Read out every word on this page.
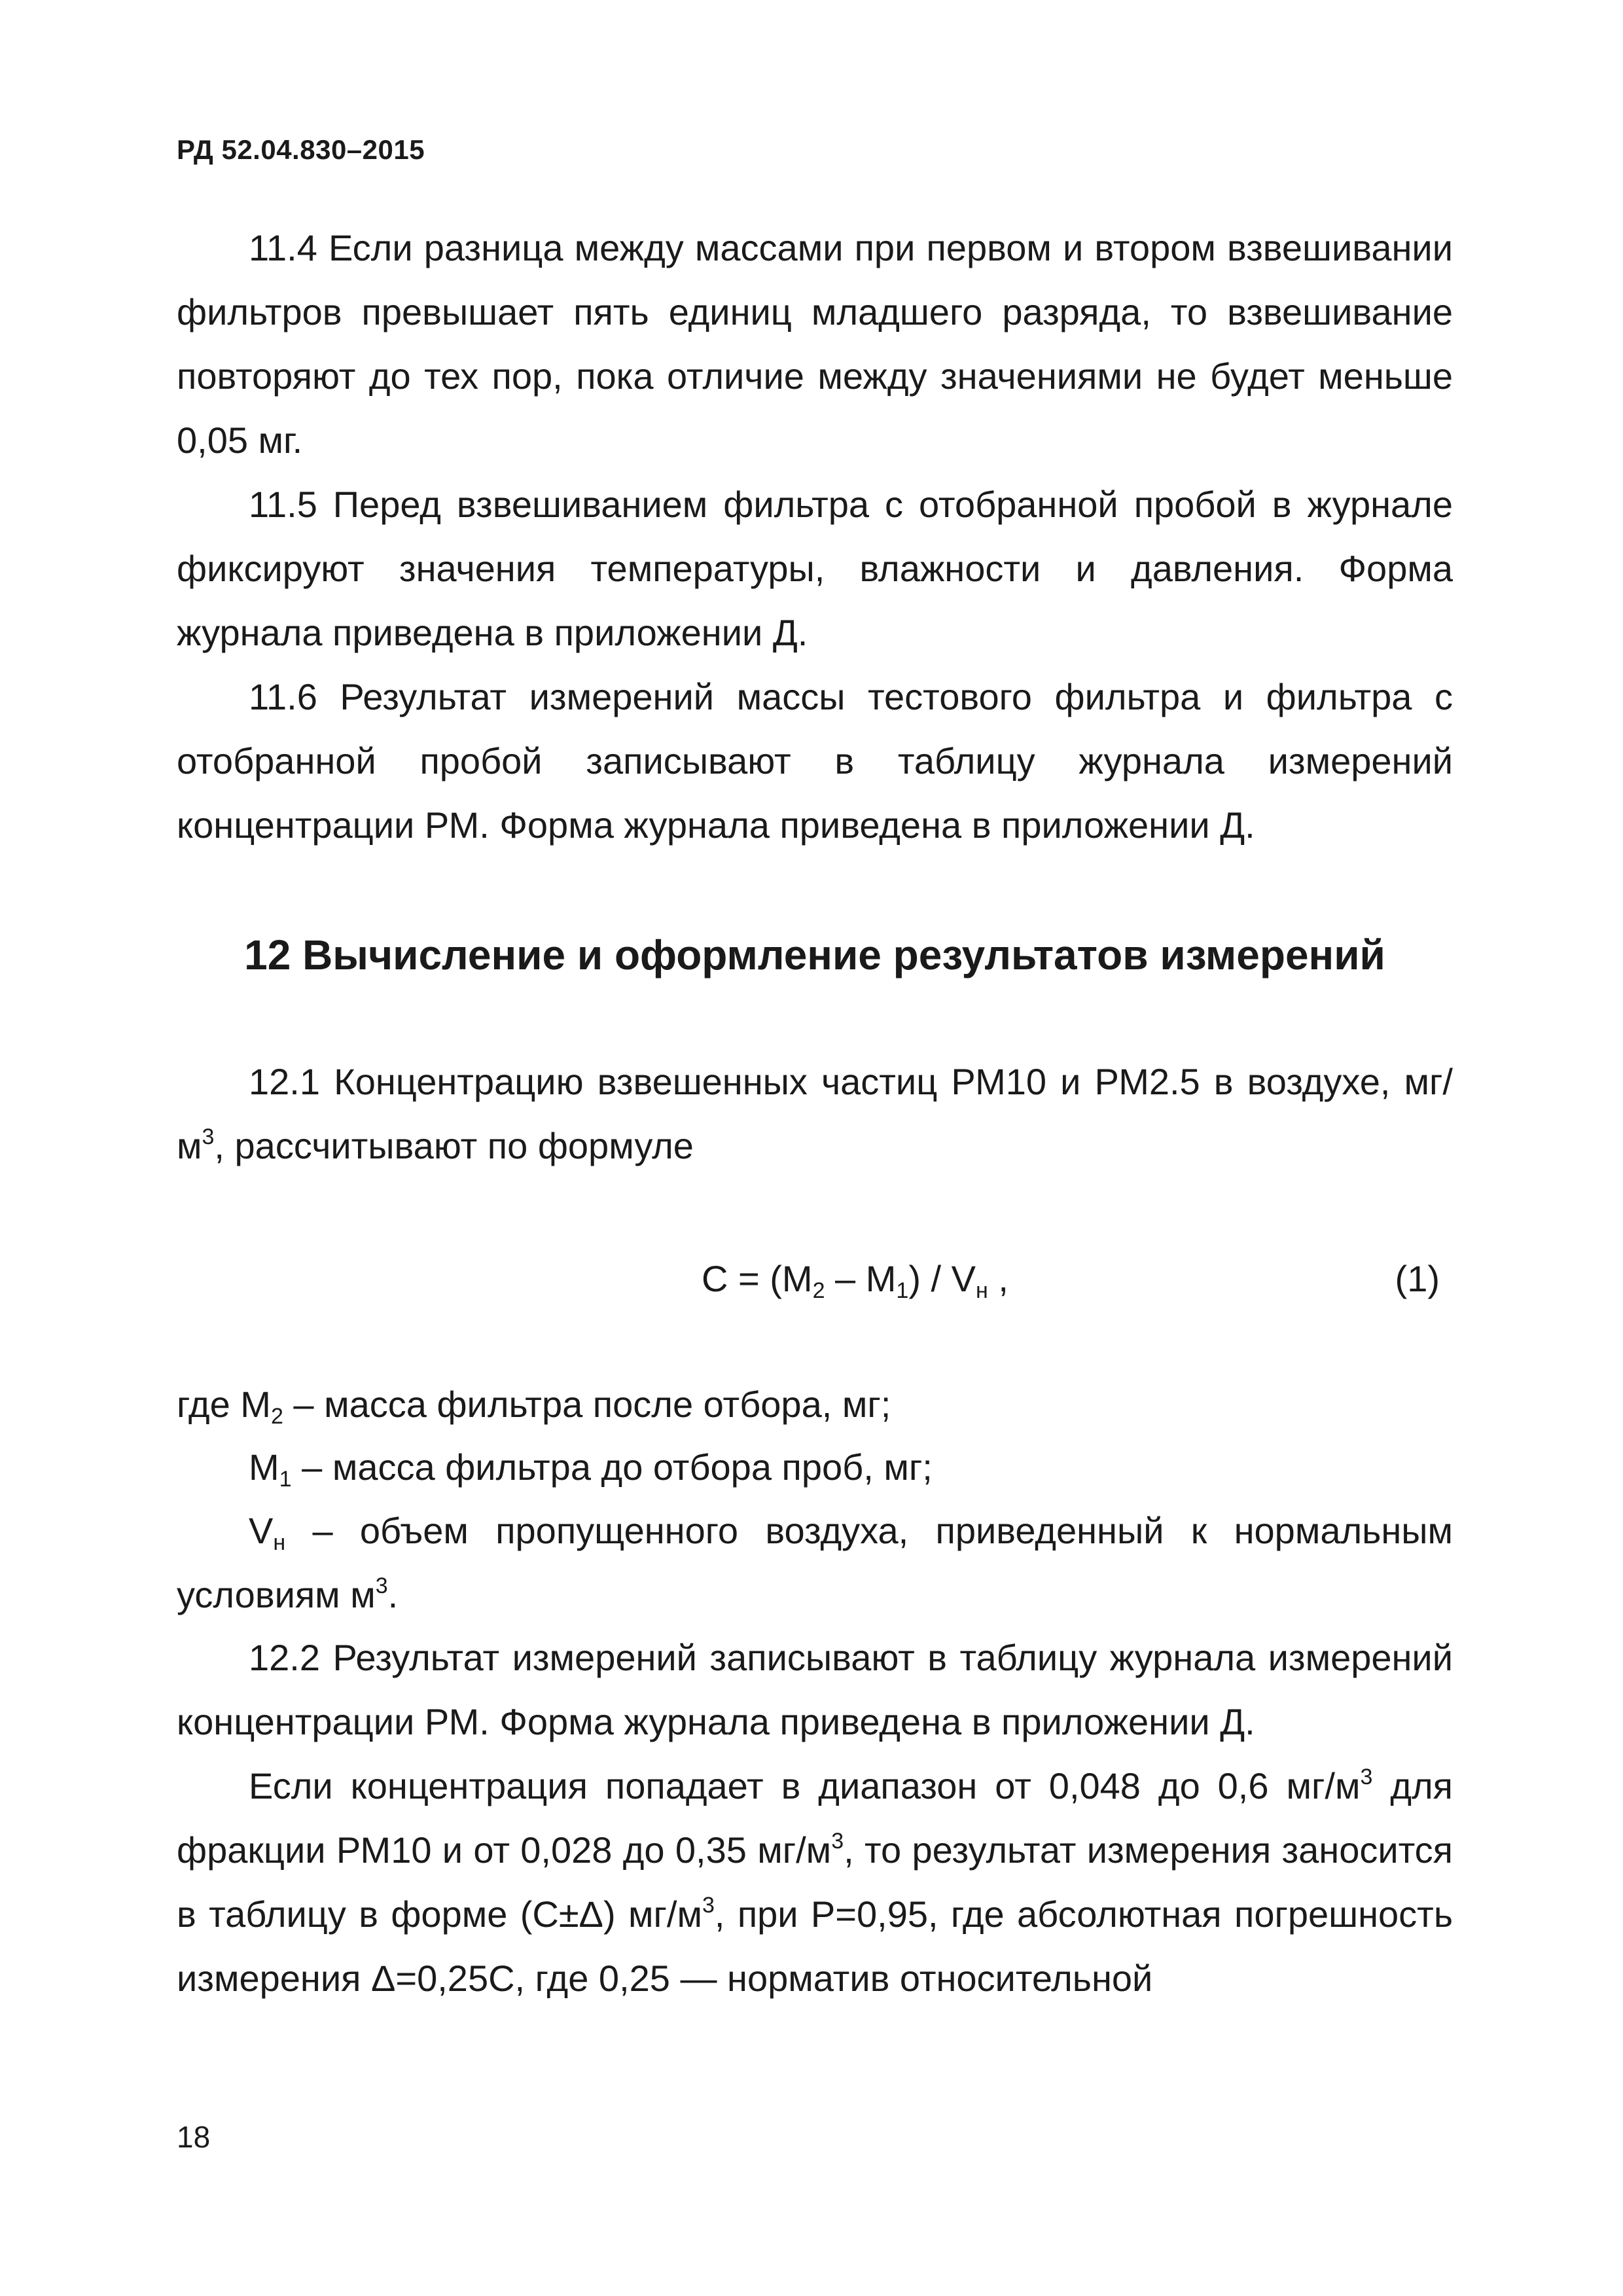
РД 52.04.830–2015

11.4 Если разница между массами при первом и втором взвешивании фильтров превышает пять единиц младшего разряда, то взвешивание повторяют до тех пор, пока отличие между значениями не будет меньше 0,05 мг.

11.5 Перед взвешиванием фильтра с отобранной пробой в журнале фиксируют значения температуры, влажности и давления. Форма журнала приведена в приложении Д.

11.6 Результат измерений массы тестового фильтра и фильтра с отобранной пробой записывают в таблицу журнала измерений концентрации РМ. Форма журнала приведена в приложении Д.

12 Вычисление и оформление результатов измерений

12.1 Концентрацию взвешенных частиц РМ10 и РМ2.5 в воздухе, $мг/м^3$, рассчитывают по формуле

$C = (M_2 - M_1) / V_н$ ,	(1)
где $M_2$ – масса фильтра после отбора, мг;
$M_1$ – масса фильтра до отбора проб, мг;

$V_н$ – объем пропущенного воздуха, приведенный к нормальным условиям $м^3$.

12.2 Результат измерений записывают в таблицу журнала измерений концентрации РМ. Форма журнала приведена в приложении Д.

Если концентрация попадает в диапазон от 0,048 до 0,6 $мг/м^3$ для фракции РМ10 и от 0,028 до 0,35 $мг/м^3$, то результат измерения заносится в таблицу в форме (С±Δ) $мг/м^3$, при Р=0,95, где абсолютная погрешность измерения Δ=0,25С, где 0,25 — норматив относительной

18
